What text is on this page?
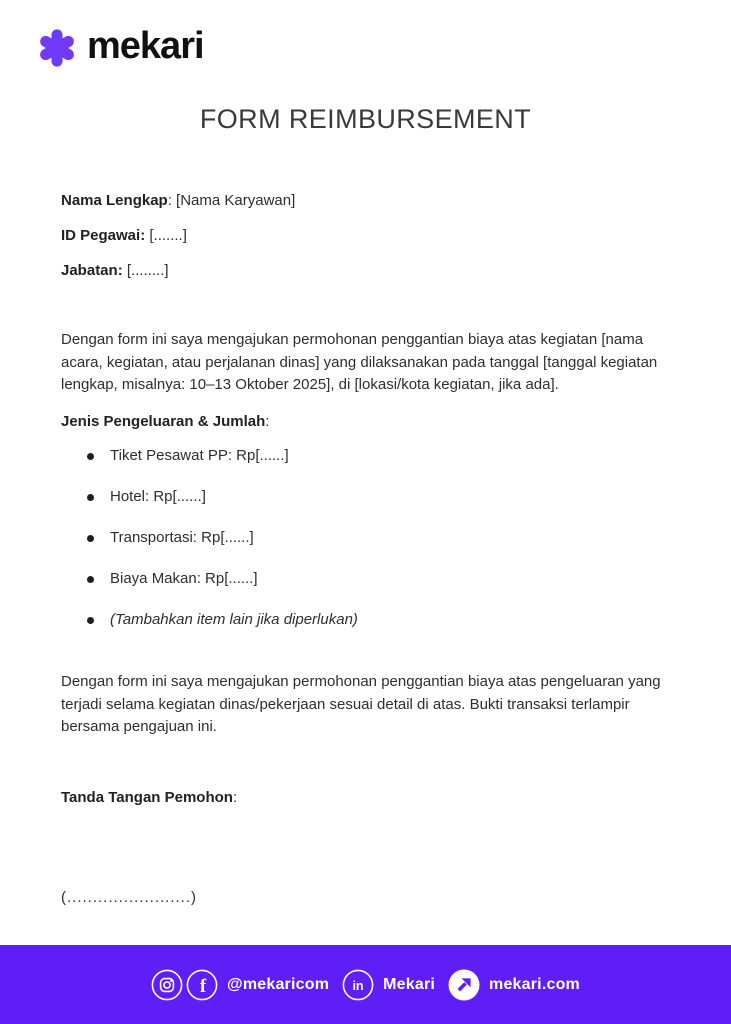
mekari
FORM REIMBURSEMENT
Nama Lengkap: [Nama Karyawan]
ID Pegawai: [.......]
Jabatan: [........]

Dengan form ini saya mengajukan permohonan penggantian biaya atas kegiatan [nama acara, kegiatan, atau perjalanan dinas] yang dilaksanakan pada tanggal [tanggal kegiatan lengkap, misalnya: 10–13 Oktober 2025], di [lokasi/kota kegiatan, jika ada].

Jenis Pengeluaran & Jumlah:
Tiket Pesawat PP: Rp[......]
Hotel: Rp[......]
Transportasi: Rp[......]
Biaya Makan: Rp[......]
(Tambahkan item lain jika diperlukan)

Dengan form ini saya mengajukan permohonan penggantian biaya atas pengeluaran yang terjadi selama kegiatan dinas/pekerjaan sesuai detail di atas. Bukti transaksi terlampir bersama pengajuan ini.

Tanda Tangan Pemohon:
(........................)
f @mekaricom in Mekari	mekari.com
